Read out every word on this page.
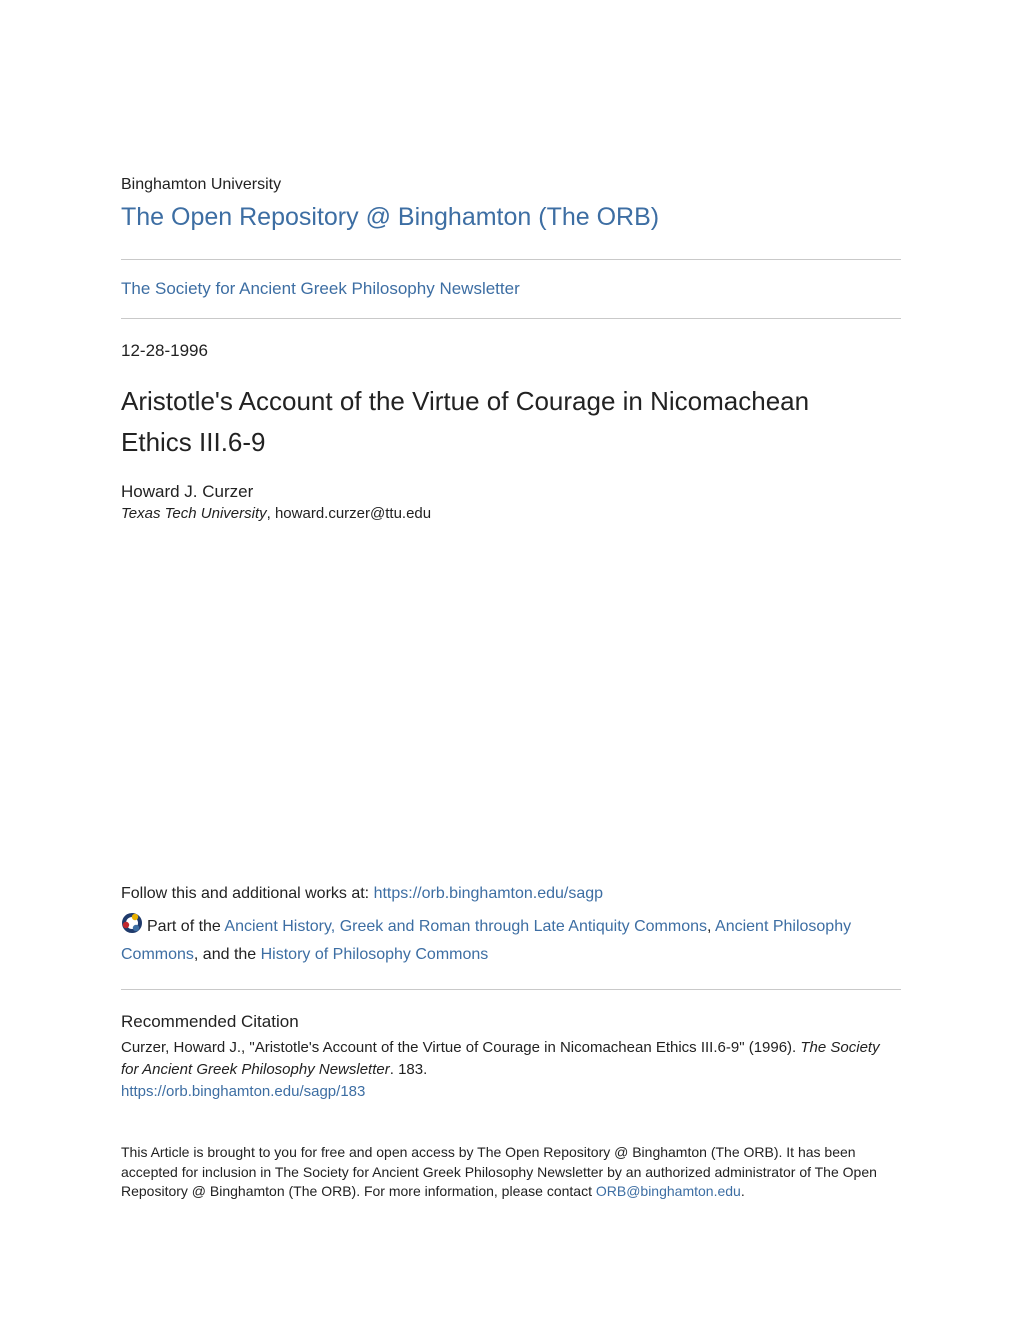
Binghamton University
The Open Repository @ Binghamton (The ORB)
The Society for Ancient Greek Philosophy Newsletter
12-28-1996
Aristotle's Account of the Virtue of Courage in Nicomachean Ethics III.6-9
Howard J. Curzer
Texas Tech University, howard.curzer@ttu.edu
Follow this and additional works at: https://orb.binghamton.edu/sagp
Part of the Ancient History, Greek and Roman through Late Antiquity Commons, Ancient Philosophy Commons, and the History of Philosophy Commons
Recommended Citation
Curzer, Howard J., "Aristotle's Account of the Virtue of Courage in Nicomachean Ethics III.6-9" (1996). The Society for Ancient Greek Philosophy Newsletter. 183.
https://orb.binghamton.edu/sagp/183
This Article is brought to you for free and open access by The Open Repository @ Binghamton (The ORB). It has been accepted for inclusion in The Society for Ancient Greek Philosophy Newsletter by an authorized administrator of The Open Repository @ Binghamton (The ORB). For more information, please contact ORB@binghamton.edu.
